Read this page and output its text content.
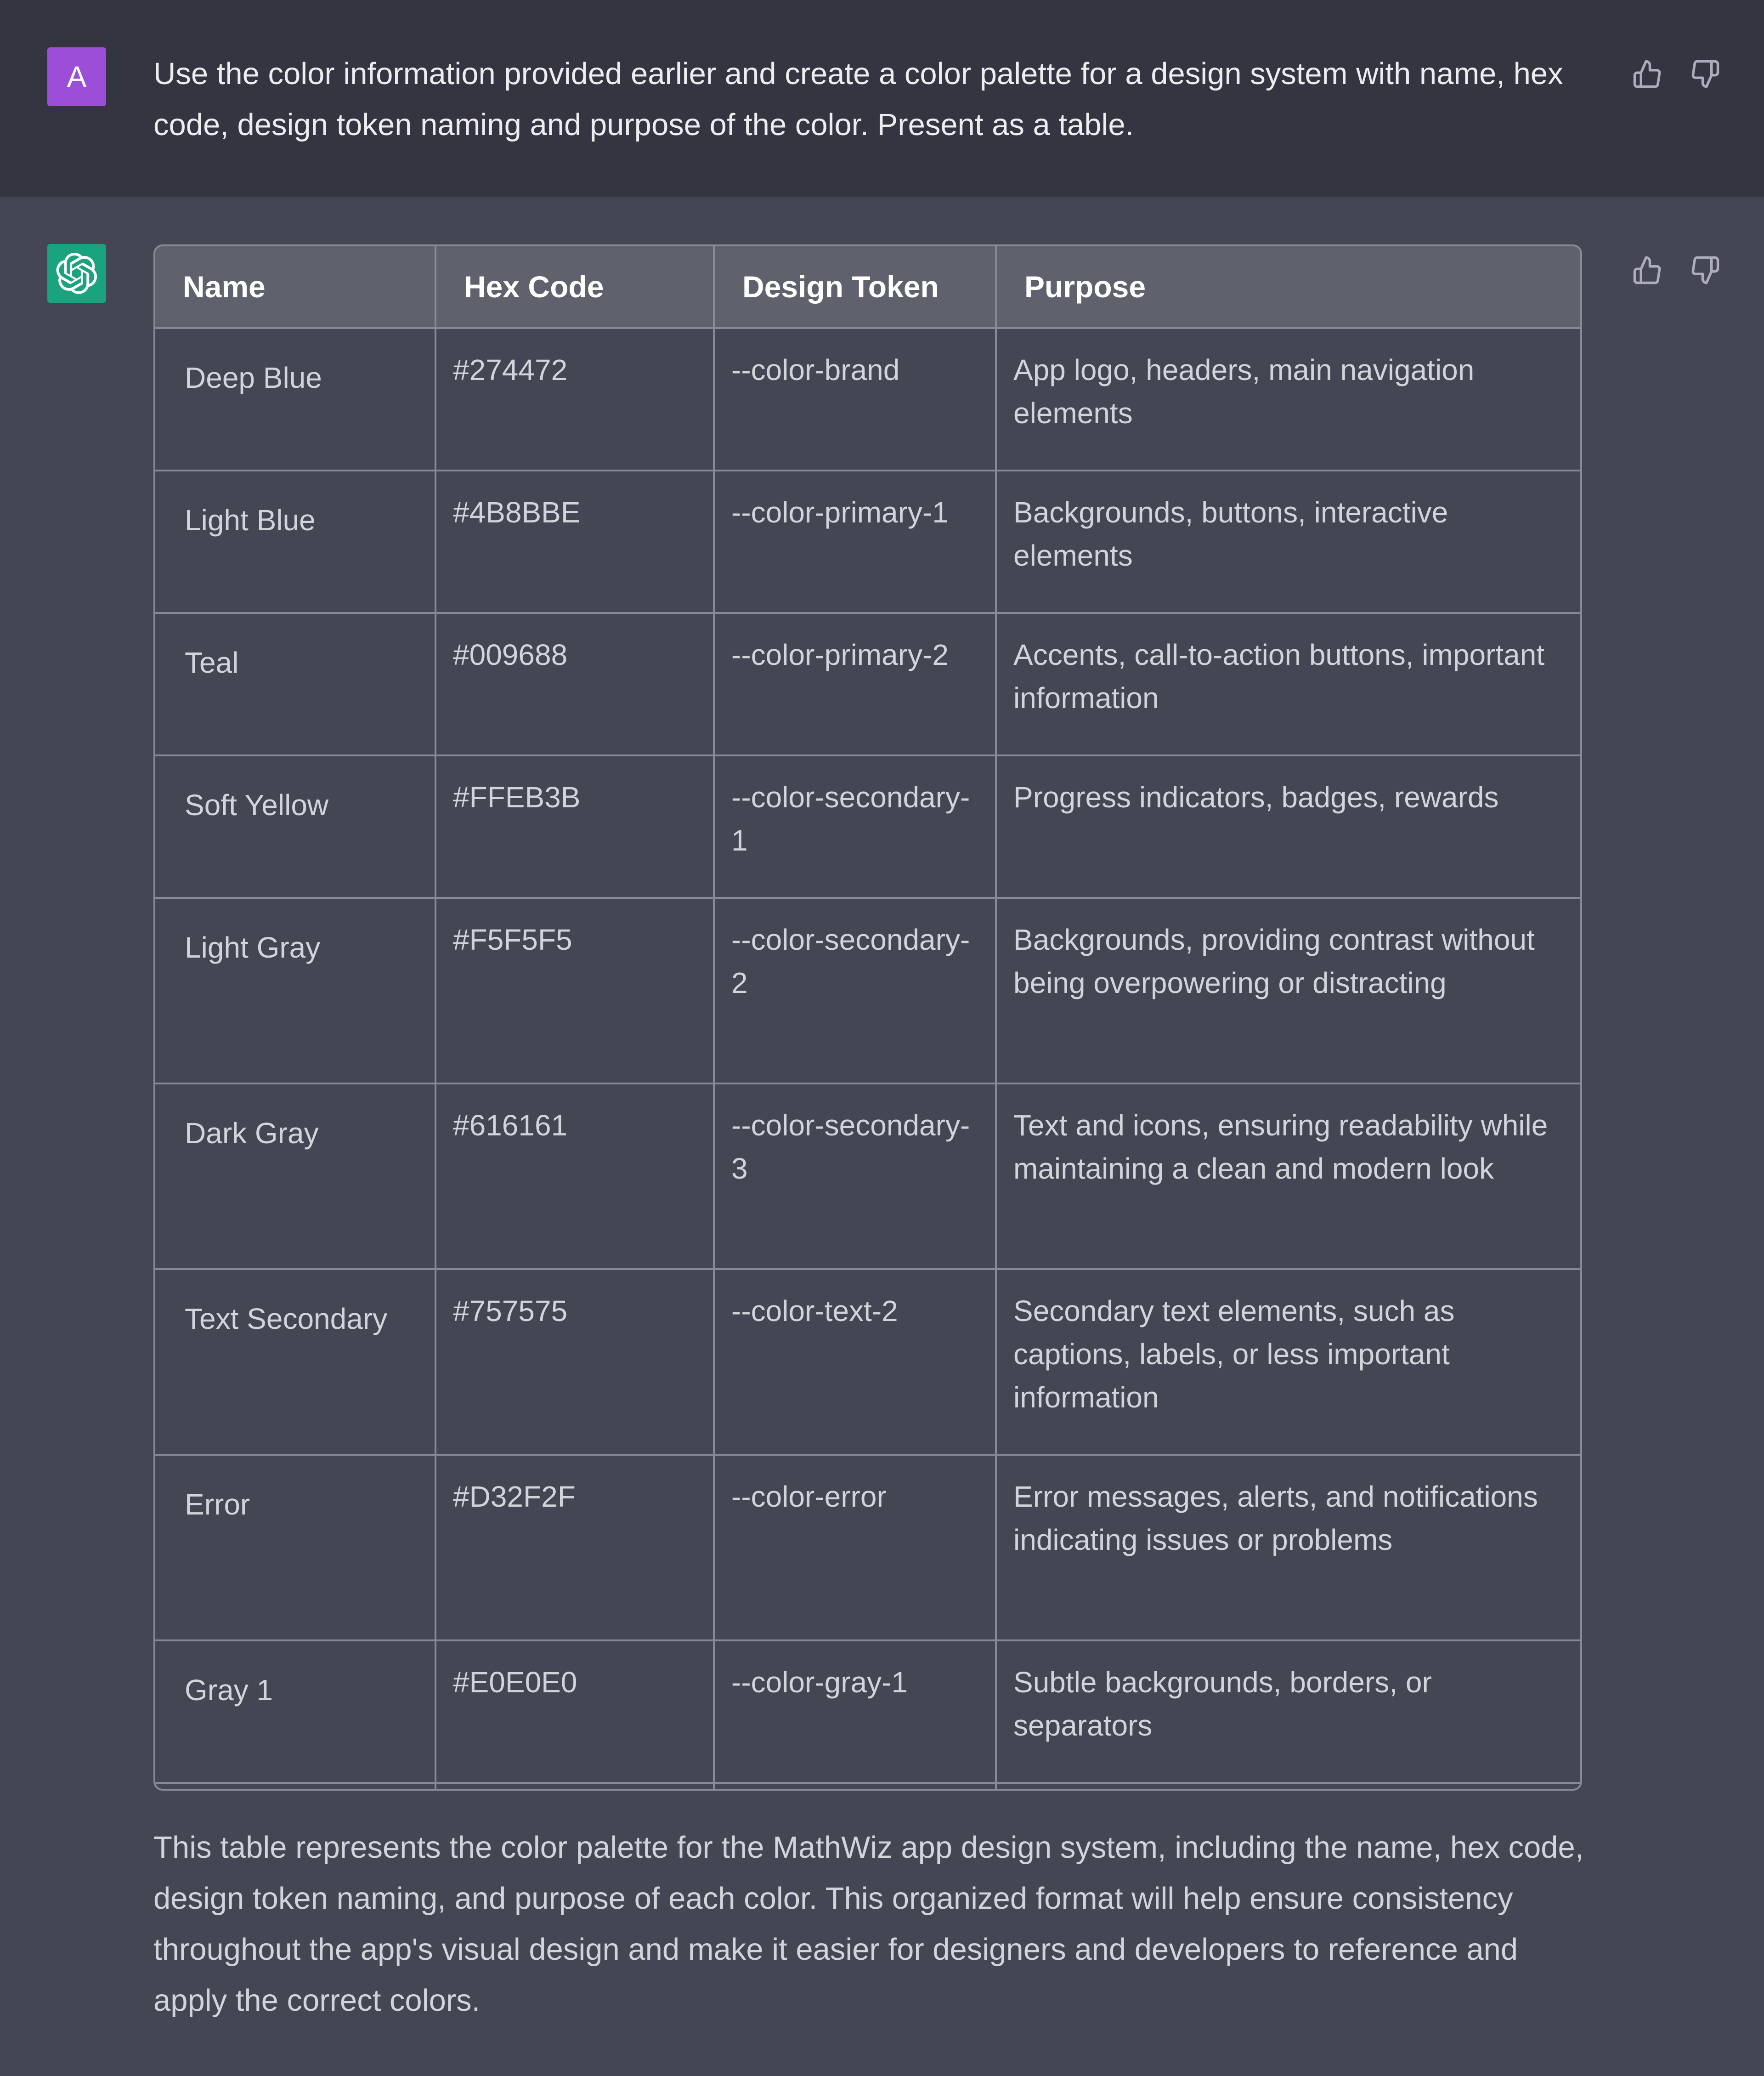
A Use the color information provided earlier and create a color palette for a design system with name, hex code, design token naming and purpose of the color. Present as a table.
Name	Hex Code	Design Token	Purpose
Deep Blue	#274472	--color-brand	App logo, headers, main navigation elements
Light Blue	#4B8BBE	--color-primary-1	Backgrounds, buttons, interactive elements
Teal	#009688	--color-primary-2	Accents, call-to-action buttons, important information
Soft Yellow	#FFEB3B	--color-secondary-1	Progress indicators, badges, rewards
Light Gray	#F5F5F5	--color-secondary-2	Backgrounds, providing contrast without being overpowering or distracting
Dark Gray	#616161	--color-secondary-3	Text and icons, ensuring readability while maintaining a clean and modern look
Text Secondary	#757575	--color-text-2	Secondary text elements, such as captions, labels, or less important information
Error	#D32F2F	--color-error	Error messages, alerts, and notifications indicating issues or problems
Gray 1	#E0E0E0	--color-gray-1	Subtle backgrounds, borders, or separators

This table represents the color palette for the MathWiz app design system, including the name, hex code, design token naming, and purpose of each color. This organized format will help ensure consistency throughout the app's visual design and make it easier for designers and developers to reference and apply the correct colors.
